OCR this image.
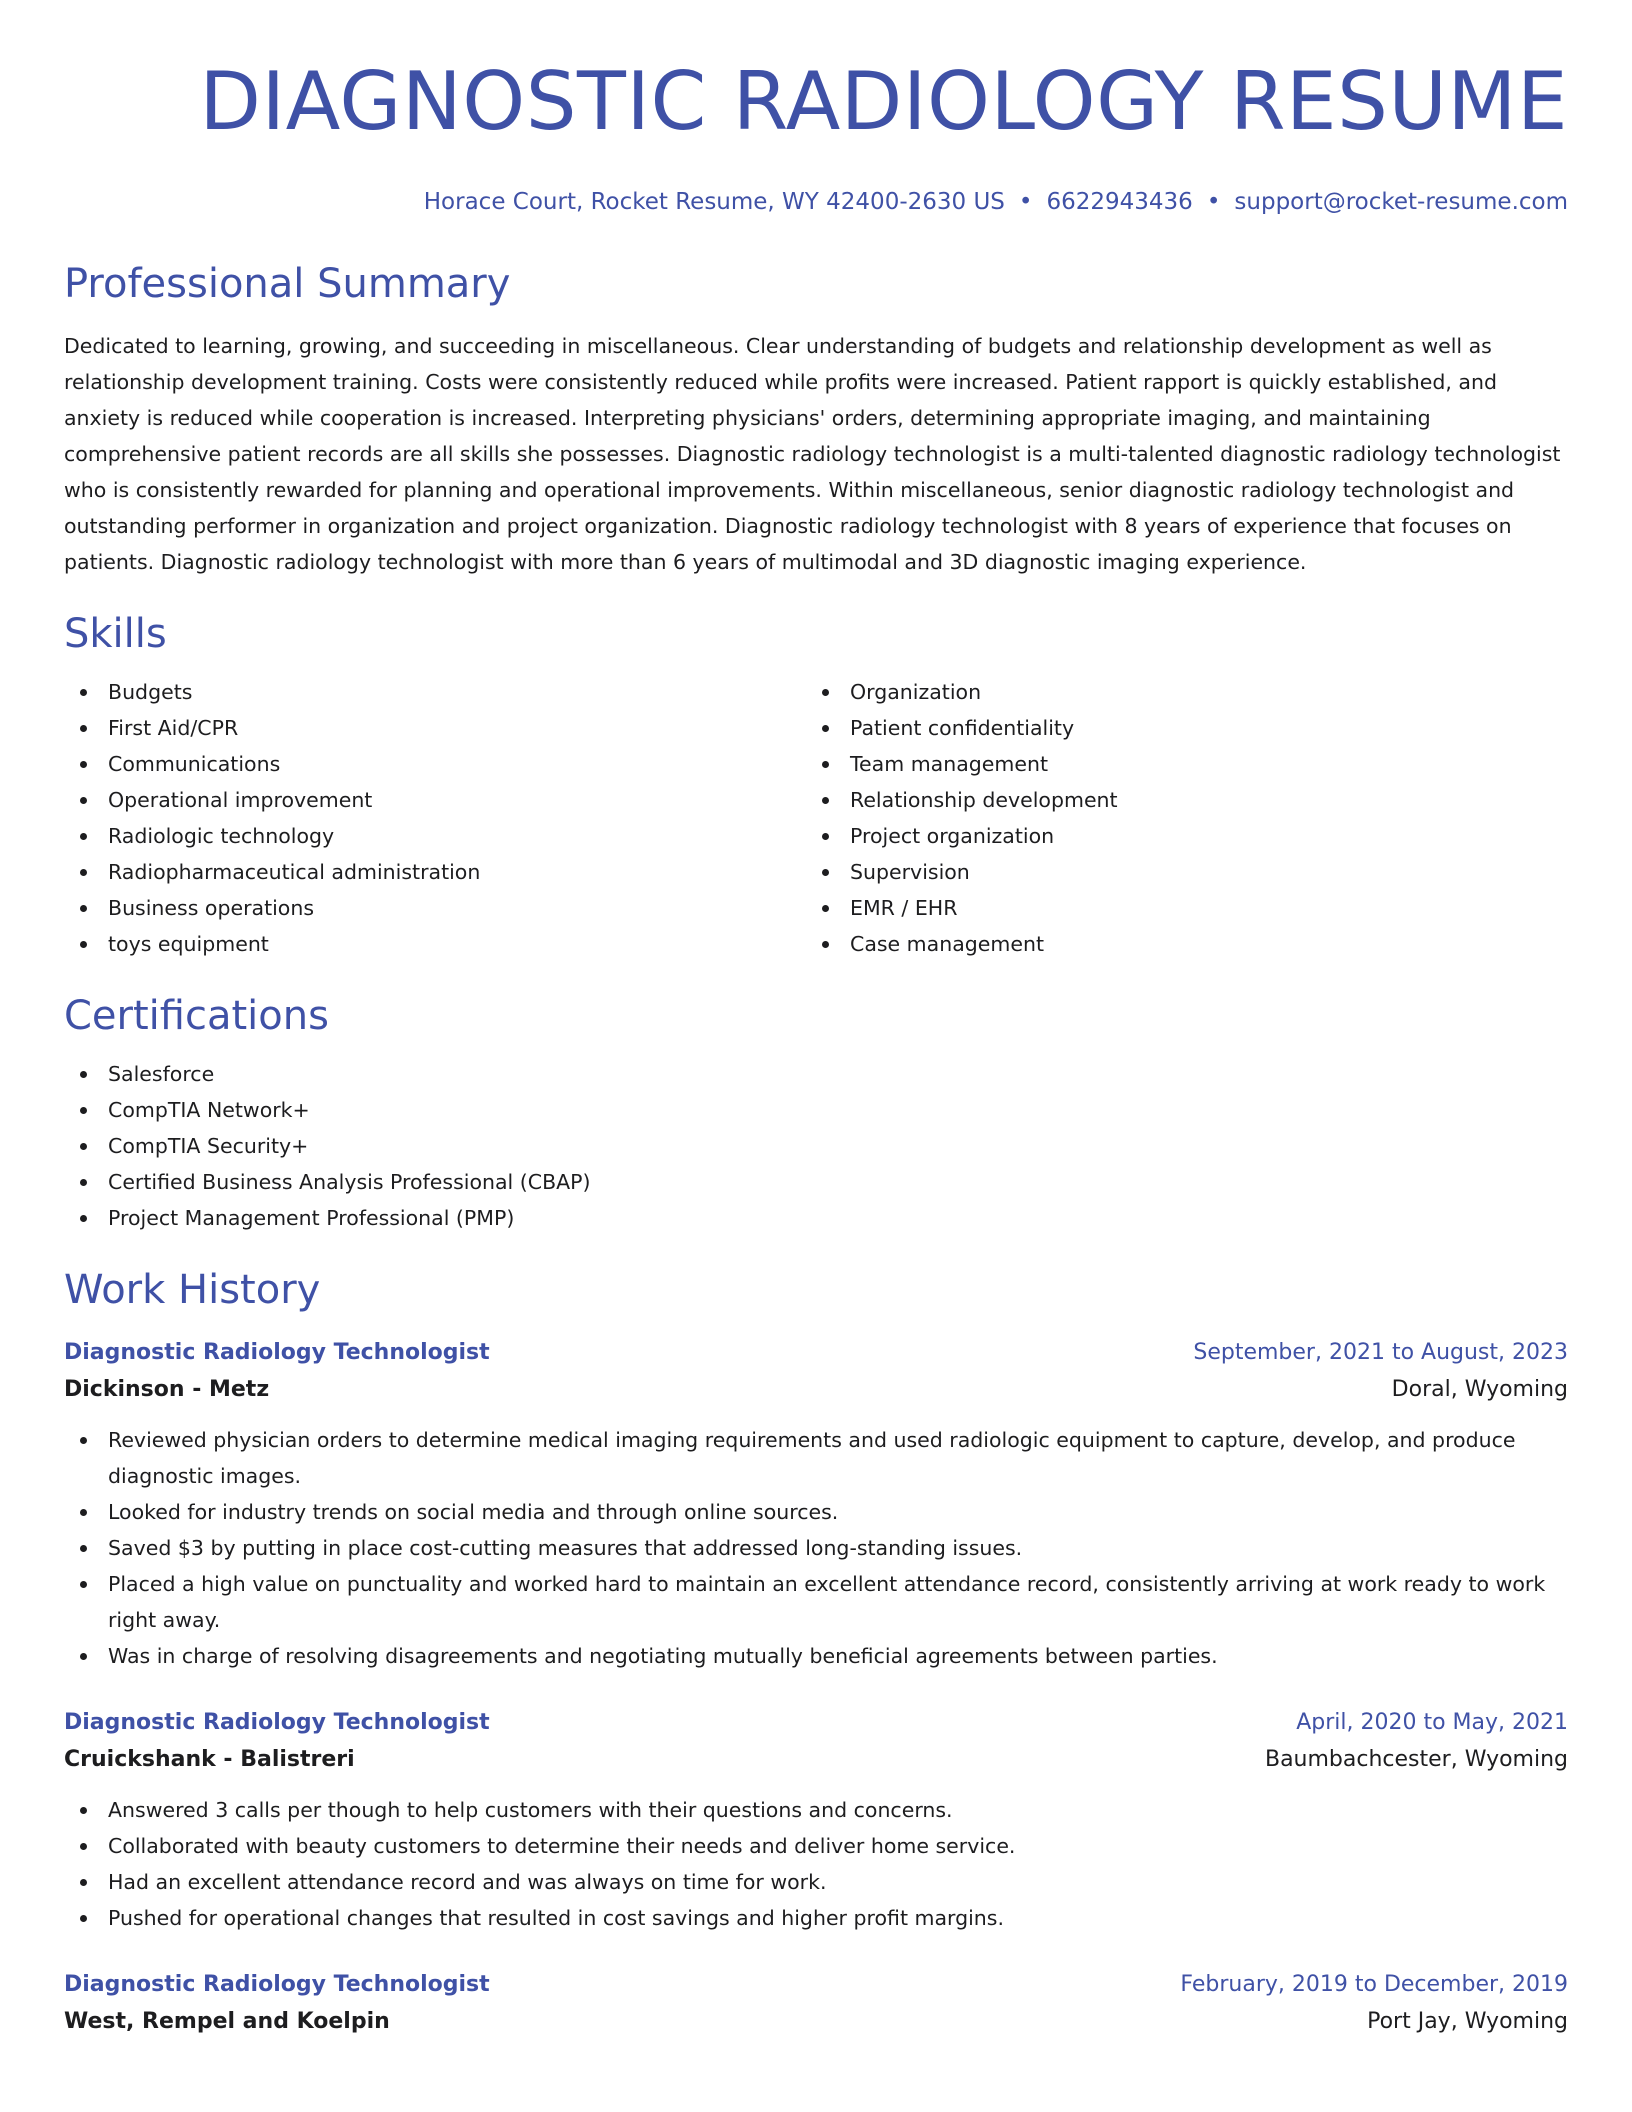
DIAGNOSTIC RADIOLOGY RESUME
Horace Court, Rocket Resume, WY 42400-2630 US • 6622943436 • support@rocket-resume.com
Professional Summary

Dedicated to learning, growing, and succeeding in miscellaneous. Clear understanding of budgets and relationship development as well as relationship development training. Costs were consistently reduced while profits were increased. Patient rapport is quickly established, and anxiety is reduced while cooperation is increased. Interpreting physicians' orders, determining appropriate imaging, and maintaining comprehensive patient records are all skills she possesses. Diagnostic radiology technologist is a multi-talented diagnostic radiology technologist who is consistently rewarded for planning and operational improvements. Within miscellaneous, senior diagnostic radiology technologist and outstanding performer in organization and project organization. Diagnostic radiology technologist with 8 years of experience that focuses on patients. Diagnostic radiology technologist with more than 6 years of multimodal and 3D diagnostic imaging experience.

Skills
Budgets
First Aid/CPR
Communications
Operational improvement
Radiologic technology
Radiopharmaceutical administration
Business operations
toys equipment
Organization
Patient confidentiality
Team management
Relationship development
Project organization
Supervision
EMR / EHR
Case management
Certifications
Salesforce
CompTIA Network+
CompTIA Security+
Certified Business Analysis Professional (CBAP)
Project Management Professional (PMP)
Work History
Diagnostic Radiology Technologist	September, 2021 to August, 2023
Dickinson - Metz	Doral, Wyoming
Reviewed physician orders to determine medical imaging requirements and used radiologic equipment to capture, develop, and produce diagnostic images.
Looked for industry trends on social media and through online sources.
Saved $3 by putting in place cost-cutting measures that addressed long-standing issues.
Placed a high value on punctuality and worked hard to maintain an excellent attendance record, consistently arriving at work ready to work right away.
Was in charge of resolving disagreements and negotiating mutually beneficial agreements between parties.
Diagnostic Radiology Technologist	April, 2020 to May, 2021
Cruickshank - Balistreri	Baumbachcester, Wyoming
Answered 3 calls per though to help customers with their questions and concerns.
Collaborated with beauty customers to determine their needs and deliver home service.
Had an excellent attendance record and was always on time for work.
Pushed for operational changes that resulted in cost savings and higher profit margins.
Diagnostic Radiology Technologist	February, 2019 to December, 2019
West, Rempel and Koelpin	Port Jay, Wyoming
